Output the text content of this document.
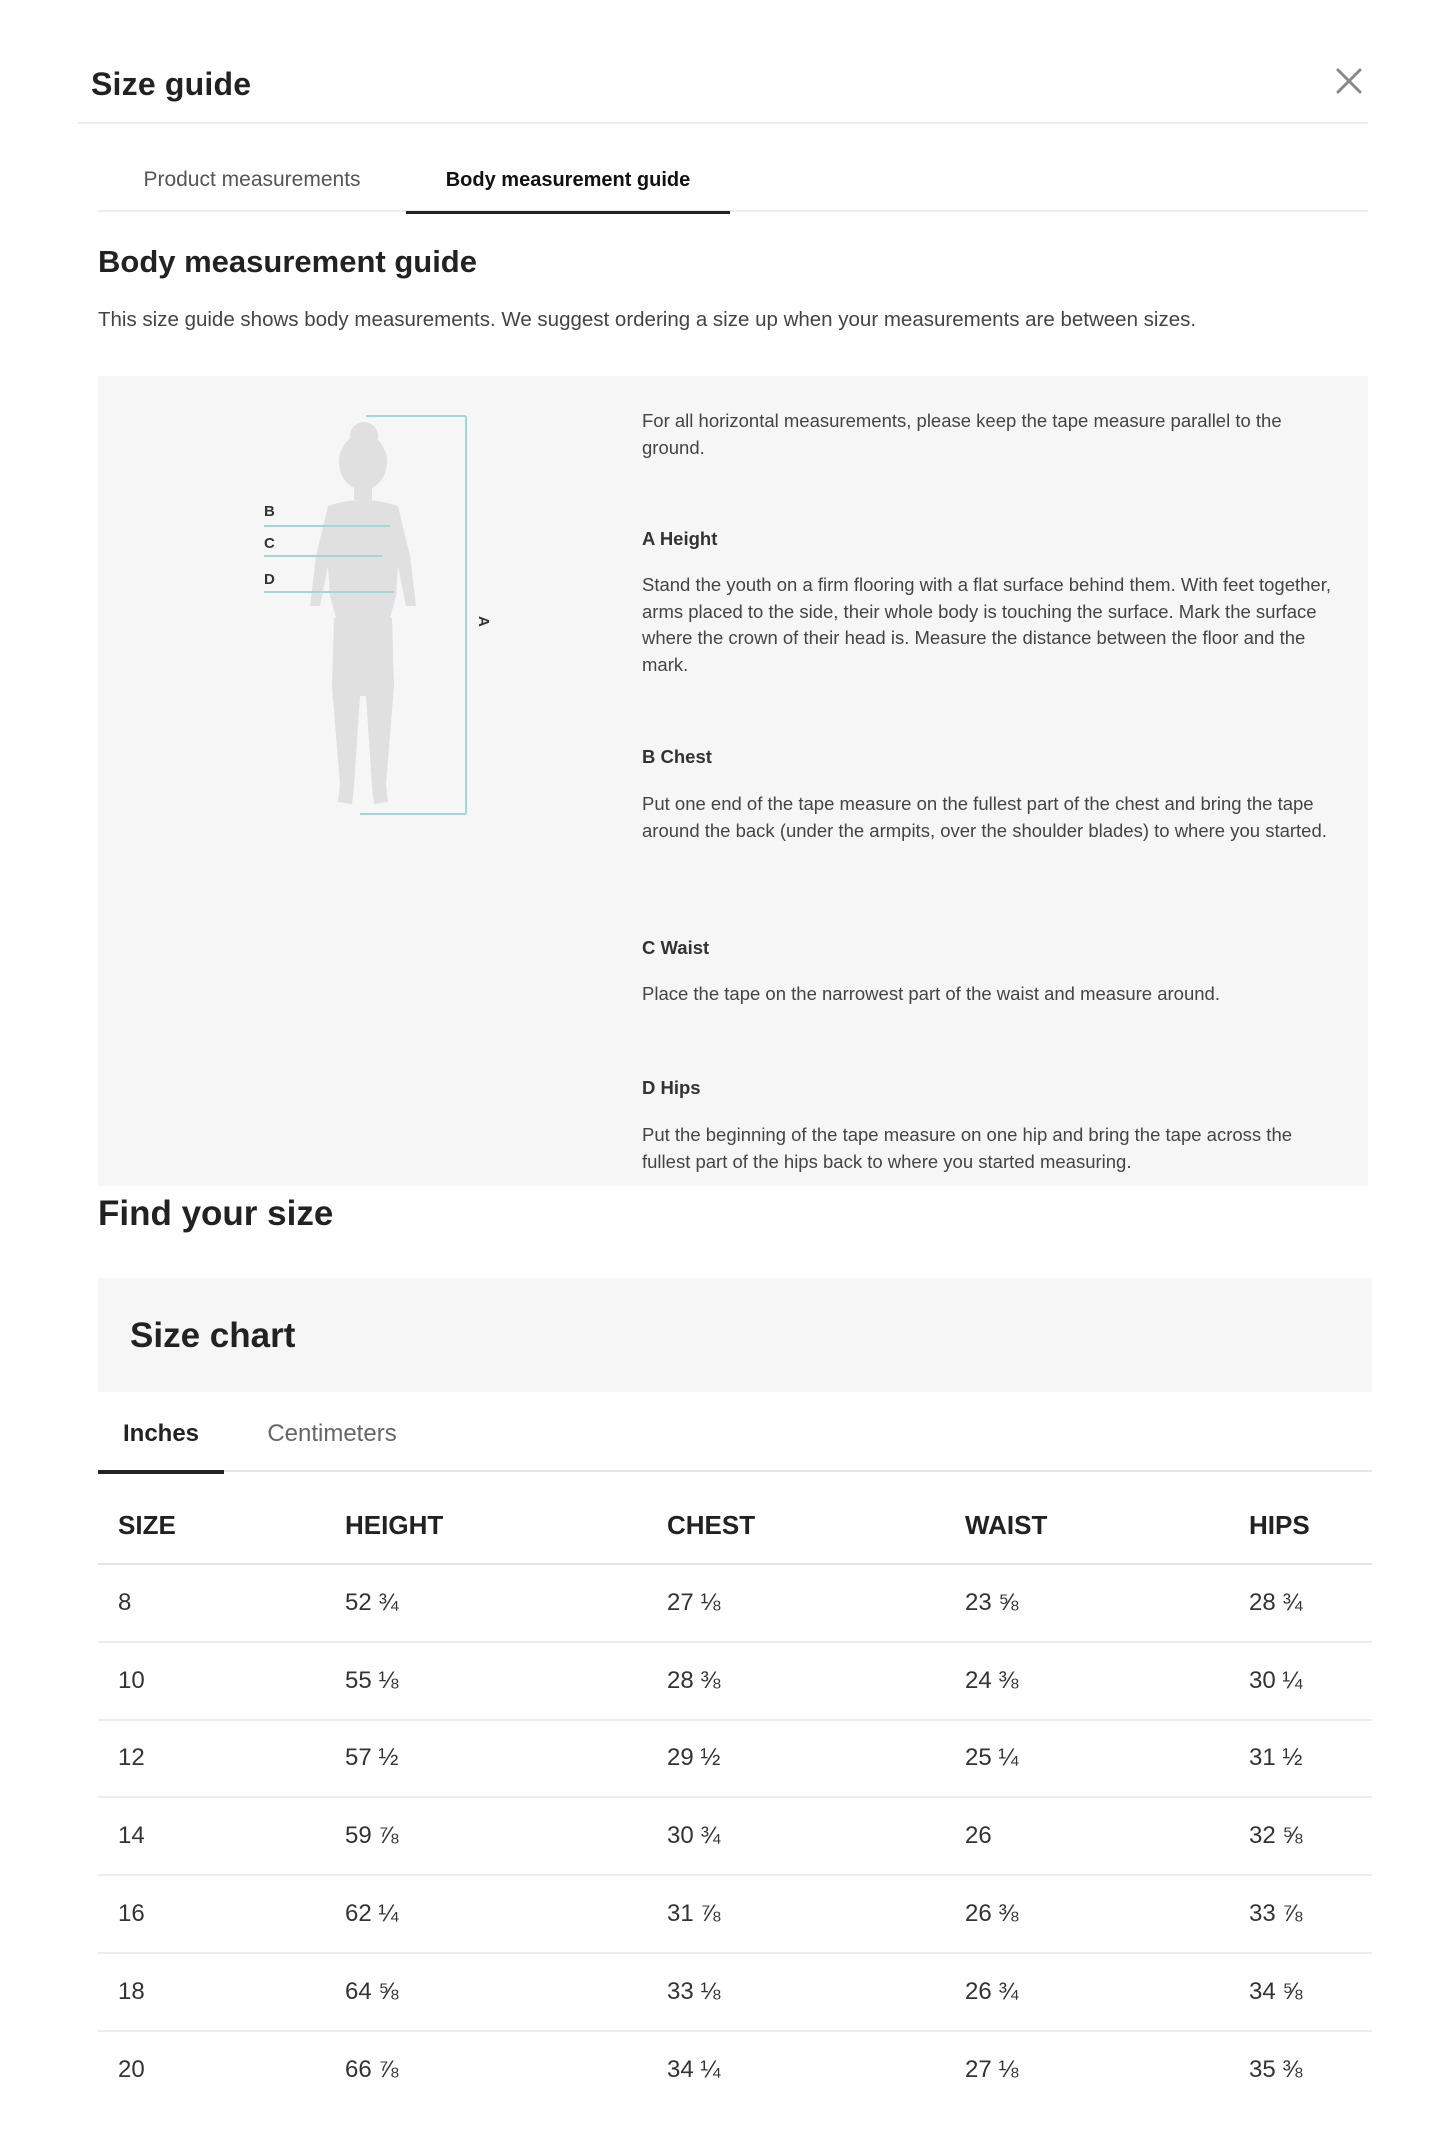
Size guide
Product measurements	Body measurement guide
Body measurement guide
This size guide shows body measurements. We suggest ordering a size up when your measurements are between sizes.
B
C
D
A
For all horizontal measurements, please keep the tape measure parallel to the ground.
A Height
Stand the youth on a firm flooring with a flat surface behind them. With feet together, arms placed to the side, their whole body is touching the surface. Mark the surface where the crown of their head is. Measure the distance between the floor and the mark.
B Chest
Put one end of the tape measure on the fullest part of the chest and bring the tape around the back (under the armpits, over the shoulder blades) to where you started.
C Waist
Place the tape on the narrowest part of the waist and measure around.
D Hips
Put the beginning of the tape measure on one hip and bring the tape across the fullest part of the hips back to where you started measuring.
Find your size
Size chart
Inches	Centimeters
SIZE	HEIGHT	CHEST	WAIST	HIPS
8	52 ¾	27 ⅛	23 ⅝	28 ¾
10	55 ⅛	28 ⅜	24 ⅜	30 ¼
12	57 ½	29 ½	25 ¼	31 ½
14	59 ⅞	30 ¾	26	32 ⅝
16	62 ¼	31 ⅞	26 ⅜	33 ⅞
18	64 ⅝	33 ⅛	26 ¾	34 ⅝
20	66 ⅞	34 ¼	27 ⅛	35 ⅜
